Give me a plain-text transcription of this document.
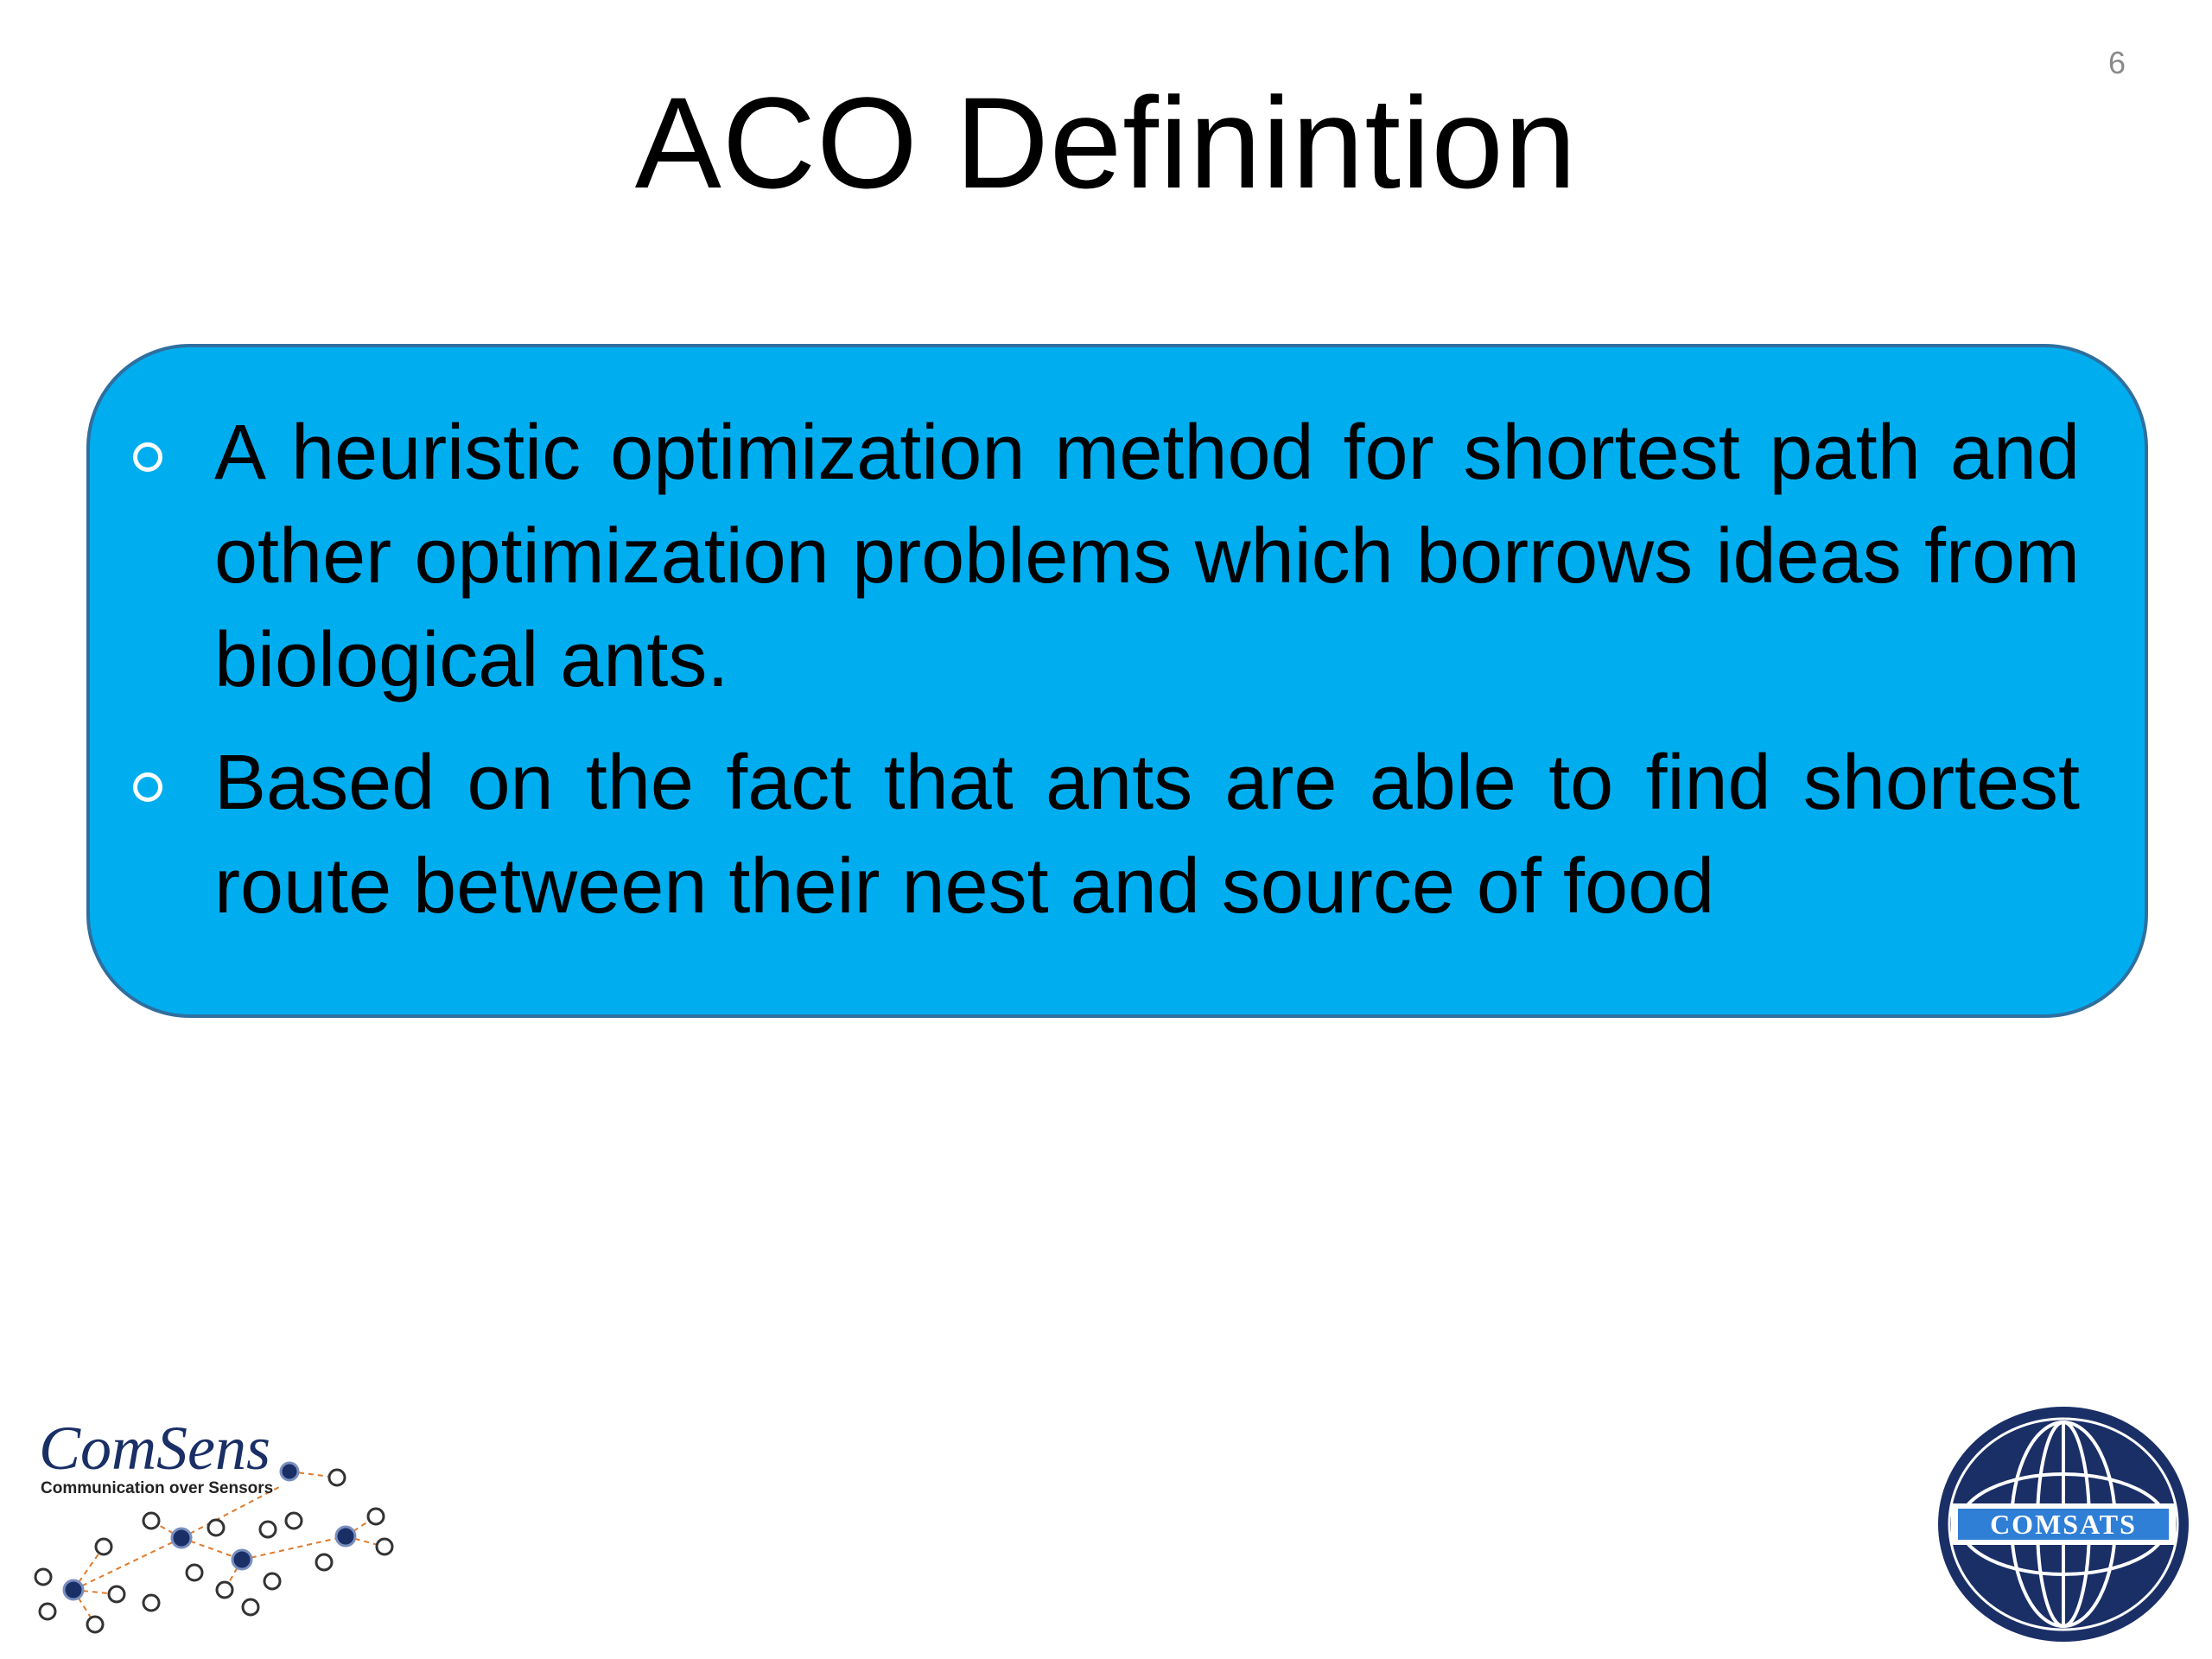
6
ACO Definintion
A heuristic optimization method for shortest path and other optimization problems which borrows ideas from biological ants.
Based on the fact that ants are able to find shortest route between their nest and source of food
ComSens
Communication over Sensors
COMSATS
